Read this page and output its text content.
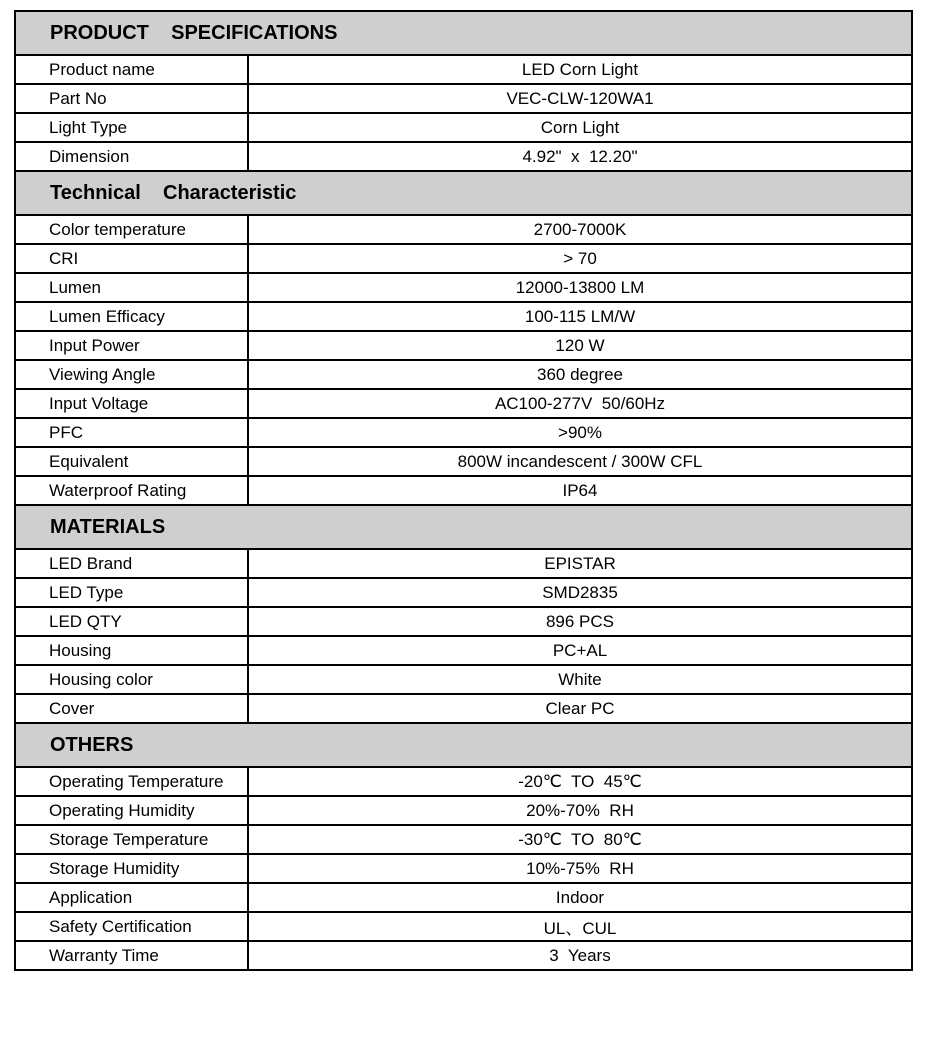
PRODUCT    SPECIFICATIONS	
Product name	LED Corn Light
Part No	VEC-CLW-120WA1
Light Type	Corn Light
Dimension	4.92"  x  12.20"
Technical    Characteristic	
Color temperature	2700-7000K
CRI	> 70
Lumen	12000-13800 LM
Lumen Efficacy	100-115 LM/W
Input Power	120 W
Viewing Angle	360 degree
Input Voltage	AC100-277V  50/60Hz
PFC	>90%
Equivalent	800W incandescent / 300W CFL
Waterproof Rating	IP64
MATERIALS	
LED Brand	EPISTAR
LED Type	SMD2835
LED QTY	896 PCS
Housing	PC+AL
Housing color	White
Cover	Clear PC
OTHERS	
Operating Temperature	-20℃  TO  45℃
Operating Humidity	20%-70%  RH
Storage Temperature	-30℃  TO  80℃
Storage Humidity	10%-75%  RH
Application	Indoor
Safety Certification	UL、CUL
Warranty Time	3  Years
